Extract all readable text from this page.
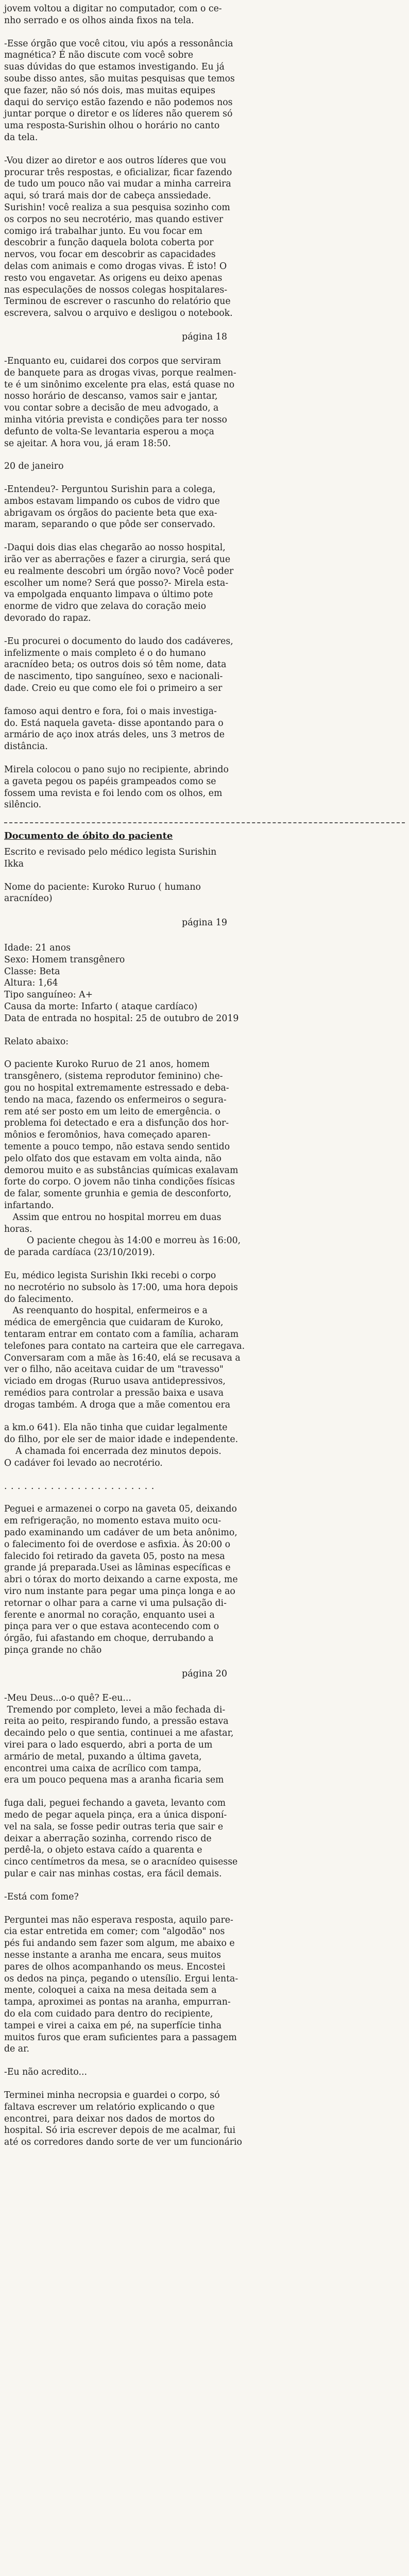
jovem voltou a digitar no computador, com o ce-
nho serrado e os olhos ainda fixos na tela.

-Esse órgão que você citou, viu após a ressonância
magnética? É não discute com você sobre
suas dúvidas do que estamos investigando. Eu já
soube disso antes, são muitas pesquisas que temos
que fazer, não só nós dois, mas muitas equipes
daqui do serviço estão fazendo e não podemos nos
juntar porque o diretor e os líderes não querem só
uma resposta-Surishin olhou o horário no canto
da tela.

-Vou dizer ao diretor e aos outros líderes que vou
procurar três respostas, e oficializar, ficar fazendo
de tudo um pouco não vai mudar a minha carreira
aqui, só trará mais dor de cabeça anssiedade.
Surishin! você realiza a sua pesquisa sozinho com
os corpos no seu necrotério, mas quando estiver
comigo irá trabalhar junto. Eu vou focar em
descobrir a função daquela bolota coberta por
nervos, vou focar em descobrir as capacidades
delas com animais e como drogas vivas. É isto! O
resto vou engavetar. As origens eu deixo apenas
nas especulações de nossos colegas hospitalares-
Terminou de escrever o rascunho do relatório que
escrevera, salvou o arquivo e desligou o notebook.

página 18

-Enquanto eu, cuidarei dos corpos que serviram
de banquete para as drogas vivas, porque realmen-
te é um sinônimo excelente pra elas, está quase no
nosso horário de descanso, vamos sair e jantar,
vou contar sobre a decisão de meu advogado, a
minha vitória prevista e condições para ter nosso
defunto de volta-Se levantaria esperou a moça
se ajeitar. A hora vou, já eram 18:50.

20 de janeiro

-Entendeu?- Perguntou Surishin para a colega,
ambos estavam limpando os cubos de vidro que
abrigavam os órgãos do paciente beta que exa-
maram, separando o que pôde ser conservado.

-Daqui dois dias elas chegarão ao nosso hospital,
irão ver as aberrações e fazer a cirurgia, será que
eu realmente descobri um órgão novo? Você poder
escolher um nome? Será que posso?- Mirela esta-
va empolgada enquanto limpava o último pote
enorme de vidro que zelava do coração meio
devorado do rapaz.

-Eu procurei o documento do laudo dos cadáveres,
infelizmente o mais completo é o do humano
aracnídeo beta; os outros dois só têm nome, data
de nascimento, tipo sanguíneo, sexo e nacionali-
dade. Creio eu que como ele foi o primeiro a ser

famoso aqui dentro e fora, foi o mais investiga-
do. Está naquela gaveta- disse apontando para o
armário de aço inox atrás deles, uns 3 metros de
distância.

Mirela colocou o pano sujo no recipiente, abrindo
a gaveta pegou os papéis grampeados como se
fossem uma revista e foi lendo com os olhos, em
silêncio.

Documento de óbito do paciente

Escrito e revisado pelo médico legista Surishin
Ikka

Nome do paciente: Kuroko Ruruo ( humano
aracnídeo)

página 19

Idade: 21 anos
Sexo: Homem transgênero
Classe: Beta
Altura: 1,64
Tipo sanguíneo: A+
Causa da morte: Infarto ( ataque cardíaco)
Data de entrada no hospital: 25 de outubro de 2019

Relato abaixo:

O paciente Kuroko Ruruo de 21 anos, homem
transgênero, (sistema reprodutor feminino) che-
gou no hospital extremamente estressado e deba-
tendo na maca, fazendo os enfermeiros o segura-
rem até ser posto em um leito de emergência. o
problema foi detectado e era a disfunção dos hor-
mônios e feromônios, hava começado aparen-
temente a pouco tempo, não estava sendo sentido
pelo olfato dos que estavam em volta ainda, não
demorou muito e as substâncias químicas exalavam
forte do corpo. O jovem não tinha condições físicas
de falar, somente grunhia e gemia de desconforto,
infartando.
Assim que entrou no hospital morreu em duas
horas.
O paciente chegou às 14:00 e morreu às 16:00,
de parada cardíaca (23/10/2019).

Eu, médico legista Surishin Ikki recebi o corpo
no necrotério no subsolo às 17:00, uma hora depois
do falecimento.
As reenquanto do hospital, enfermeiros e a
médica de emergência que cuidaram de Kuroko,
tentaram entrar em contato com a família, acharam
telefones para contato na carteira que ele carregava.
Conversaram com a mãe às 16:40, elá se recusava a
ver o filho, não aceitava cuidar de um "travesso"
viciado em drogas (Ruruo usava antidepressivos,
remédios para controlar a pressão baixa e usava
drogas também. A droga que a mãe comentou era

a km.o 641). Ela não tinha que cuidar legalmente
do filho, por ele ser de maior idade e independente.
A chamada foi encerrada dez minutos depois.
O cadáver foi levado ao necrotério.

. . . . . . . . . . . . . . . . . . . . . . .

Peguei e armazenei o corpo na gaveta 05, deixando
em refrigeração, no momento estava muito ocu-
pado examinando um cadáver de um beta anônimo,
o falecimento foi de overdose e asfixia. Às 20:00 o
falecido foi retirado da gaveta 05, posto na mesa
grande já preparada.Usei as lâminas específicas e
abri o tórax do morto deixando a carne exposta, me
viro num instante para pegar uma pinça longa e ao
retornar o olhar para a carne vi uma pulsação di-
ferente e anormal no coração, enquanto usei a
pinça para ver o que estava acontecendo com o
órgão, fui afastando em choque, derrubando a
pinça grande no chão

página 20

-Meu Deus...o-o quê? E-eu...
Tremendo por completo, levei a mão fechada di-
reita ao peito, respirando fundo, a pressão estava
decaindo pelo o que sentia, continuei a me afastar,
virei para o lado esquerdo, abri a porta de um
armário de metal, puxando a última gaveta,
encontrei uma caixa de acrílico com tampa,
era um pouco pequena mas a aranha ficaria sem

fuga dali, peguei fechando a gaveta, levanto com
medo de pegar aquela pinça, era a única disponí-
vel na sala, se fosse pedir outras teria que sair e
deixar a aberração sozinha, correndo risco de
perdê-la, o objeto estava caído a quarenta e
cinco centímetros da mesa, se o aracnídeo quisesse
pular e cair nas minhas costas, era fácil demais.

-Está com fome?

Perguntei mas não esperava resposta, aquilo pare-
cia estar entretida em comer; com "algodão" nos
pés fui andando sem fazer som algum, me abaixo e
nesse instante a aranha me encara, seus muitos
pares de olhos acompanhando os meus. Encostei
os dedos na pinça, pegando o utensílio. Ergui lenta-
mente, coloquei a caixa na mesa deitada sem a
tampa, aproximei as pontas na aranha, empurran-
do ela com cuidado para dentro do recipiente,
tampei e virei a caixa em pé, na superfície tinha
muitos furos que eram suficientes para a passagem
de ar.

-Eu não acredito...

Terminei minha necropsia e guardei o corpo, só
faltava escrever um relatório explicando o que
encontrei, para deixar nos dados de mortos do
hospital. Só iria escrever depois de me acalmar, fui
até os corredores dando sorte de ver um funcionário
